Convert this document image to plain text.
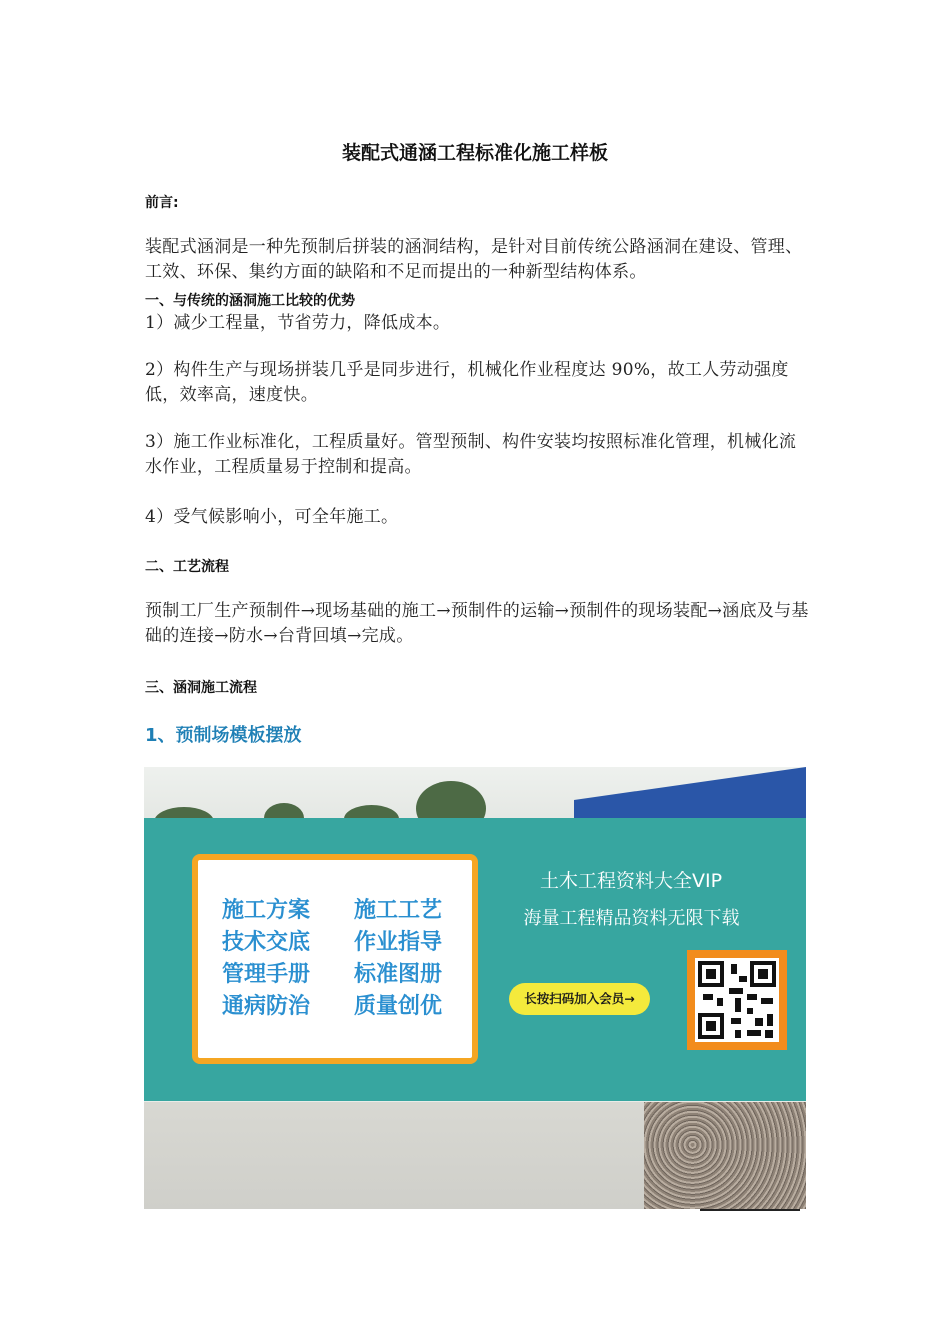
装配式通涵工程标准化施工样板
前言:
装配式涵洞是一种先预制后拼装的涵洞结构，是针对目前传统公路涵洞在建设、管理、工效、环保、集约方面的缺陷和不足而提出的一种新型结构体系。
一、与传统的涵洞施工比较的优势
1）减少工程量，节省劳力，降低成本。
2）构件生产与现场拼装几乎是同步进行，机械化作业程度达 90%，故工人劳动强度低，效率高，速度快。
3）施工作业标准化，工程质量好。管型预制、构件安装均按照标准化管理，机械化流水作业，工程质量易于控制和提高。
4）受气候影响小，可全年施工。
二、工艺流程
预制工厂生产预制件→现场基础的施工→预制件的运输→预制件的现场装配→涵底及与基础的连接→防水→台背回填→完成。
三、涵洞施工流程
1、预制场模板摆放
施工方案	施工工艺
技术交底	作业指导
管理手册	标准图册
通病防治	质量创优
土木工程资料大全VIP
海量工程精品资料无限下载
长按扫码加入会员→
